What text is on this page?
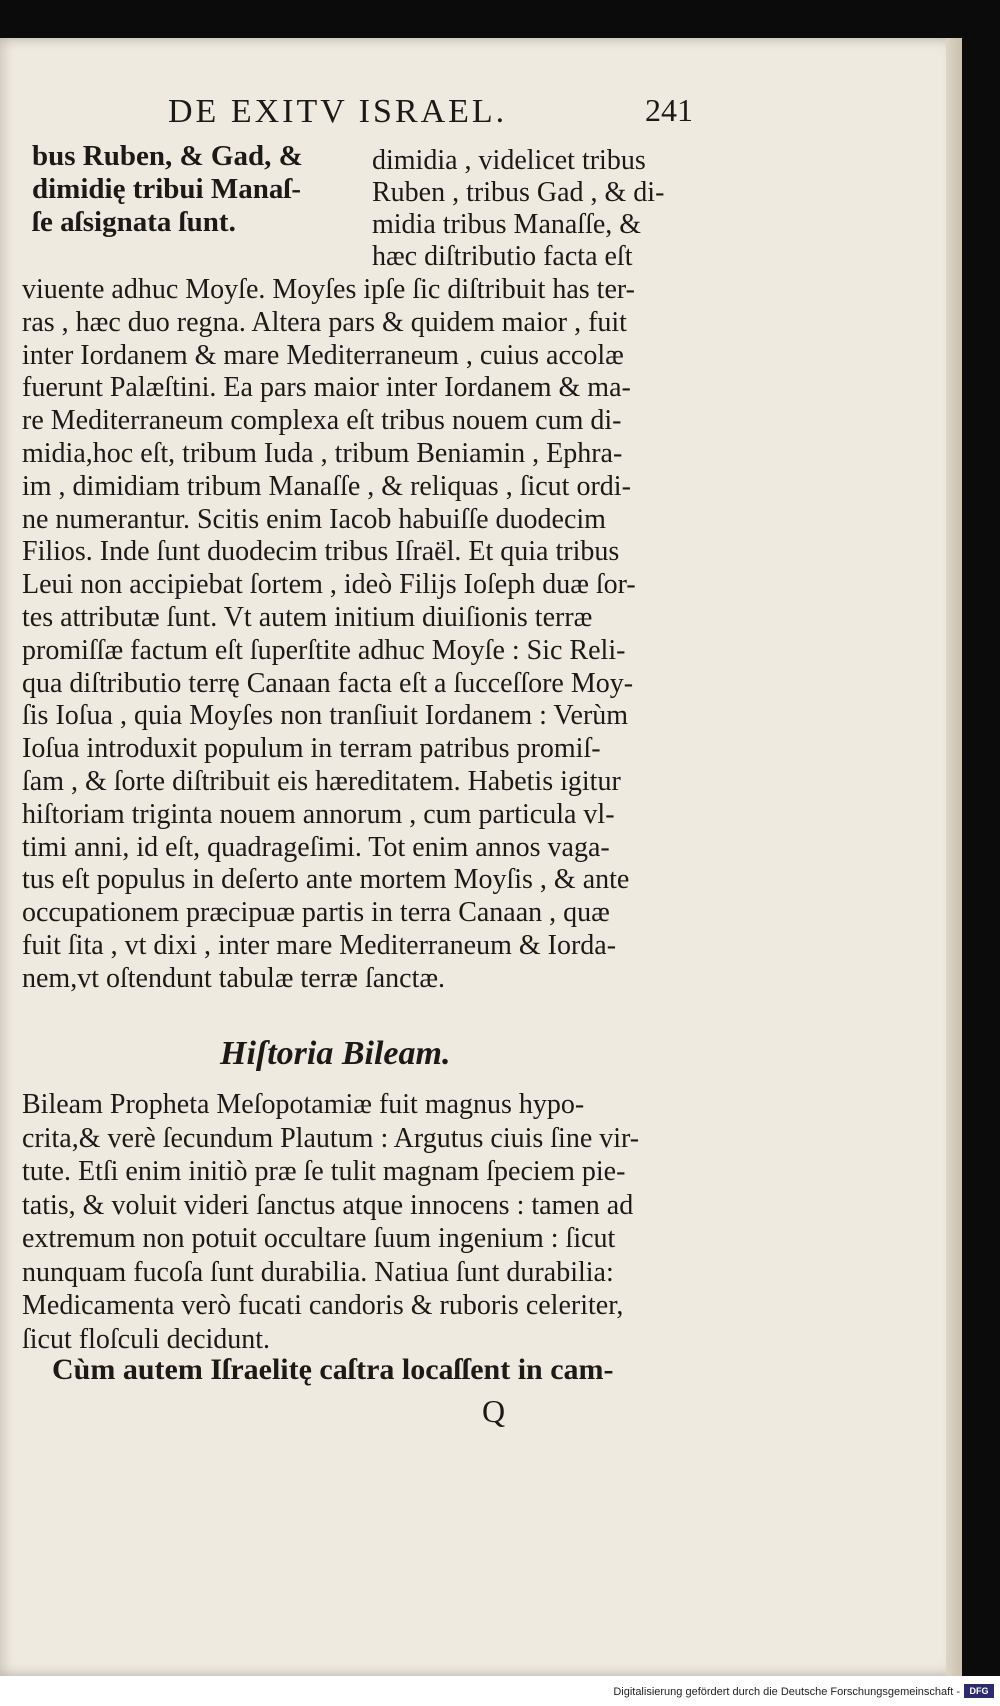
DE EXITV ISRAEL.	241
bus Ruben, & Gad, &
dimidię tribui Manaſ-
ſe aſsignata ſunt.
dimidia , videlicet tribus
Ruben , tribus Gad , & di-
midia tribus Manaſſe, &
hæc diſtributio facta eſt
viuente adhuc Moyſe. Moyſes ipſe ſic diſtribuit has ter-
ras , hæc duo regna. Altera pars & quidem maior , fuit
inter Iordanem & mare Mediterraneum , cuius accolæ
fuerunt Palæſtini. Ea pars maior inter Iordanem & ma-
re Mediterraneum complexa eſt tribus nouem cum di-
midia,hoc eſt, tribum Iuda , tribum Beniamin , Ephra-
im , dimidiam tribum Manaſſe , & reliquas , ſicut ordi-
ne numerantur. Scitis enim Iacob habuiſſe duodecim
Filios. Inde ſunt duodecim tribus Iſraël. Et quia tribus
Leui non accipiebat ſortem , ideò Filijs Ioſeph duæ ſor-
tes attributæ ſunt. Vt autem initium diuiſionis terræ
promiſſæ factum eſt ſuperſtite adhuc Moyſe : Sic Reli-
qua diſtributio terrę Canaan facta eſt a ſucceſſore Moy-
ſis Ioſua , quia Moyſes non tranſiuit Iordanem : Verùm
Ioſua introduxit populum in terram patribus promiſ-
ſam , & ſorte diſtribuit eis hæreditatem. Habetis igitur
hiſtoriam triginta nouem annorum , cum particula vl-
timi anni, id eſt, quadrageſimi. Tot enim annos vaga-
tus eſt populus in deſerto ante mortem Moyſis , & ante
occupationem præcipuæ partis in terra Canaan , quæ
fuit ſita , vt dixi , inter mare Mediterraneum & Iorda-
nem,vt oſtendunt tabulæ terræ ſanctæ.
Hiſtoria Bileam.
Bileam Propheta Meſopotamiæ fuit magnus hypo-
crita,& verè ſecundum Plautum : Argutus ciuis ſine vir-
tute. Etſi enim initiò præ ſe tulit magnam ſpeciem pie-
tatis, & voluit videri ſanctus atque innocens : tamen ad
extremum non potuit occultare ſuum ingenium : ſicut
nunquam fucoſa ſunt durabilia. Natiua ſunt durabilia:
Medicamenta verò fucati candoris & ruboris celeriter,
ſicut floſculi decidunt.
Cùm autem Iſraelitę caſtra locaſſent in cam-
Q
Digitalisierung gefördert durch die Deutsche Forschungsgemeinschaft -	DFG
